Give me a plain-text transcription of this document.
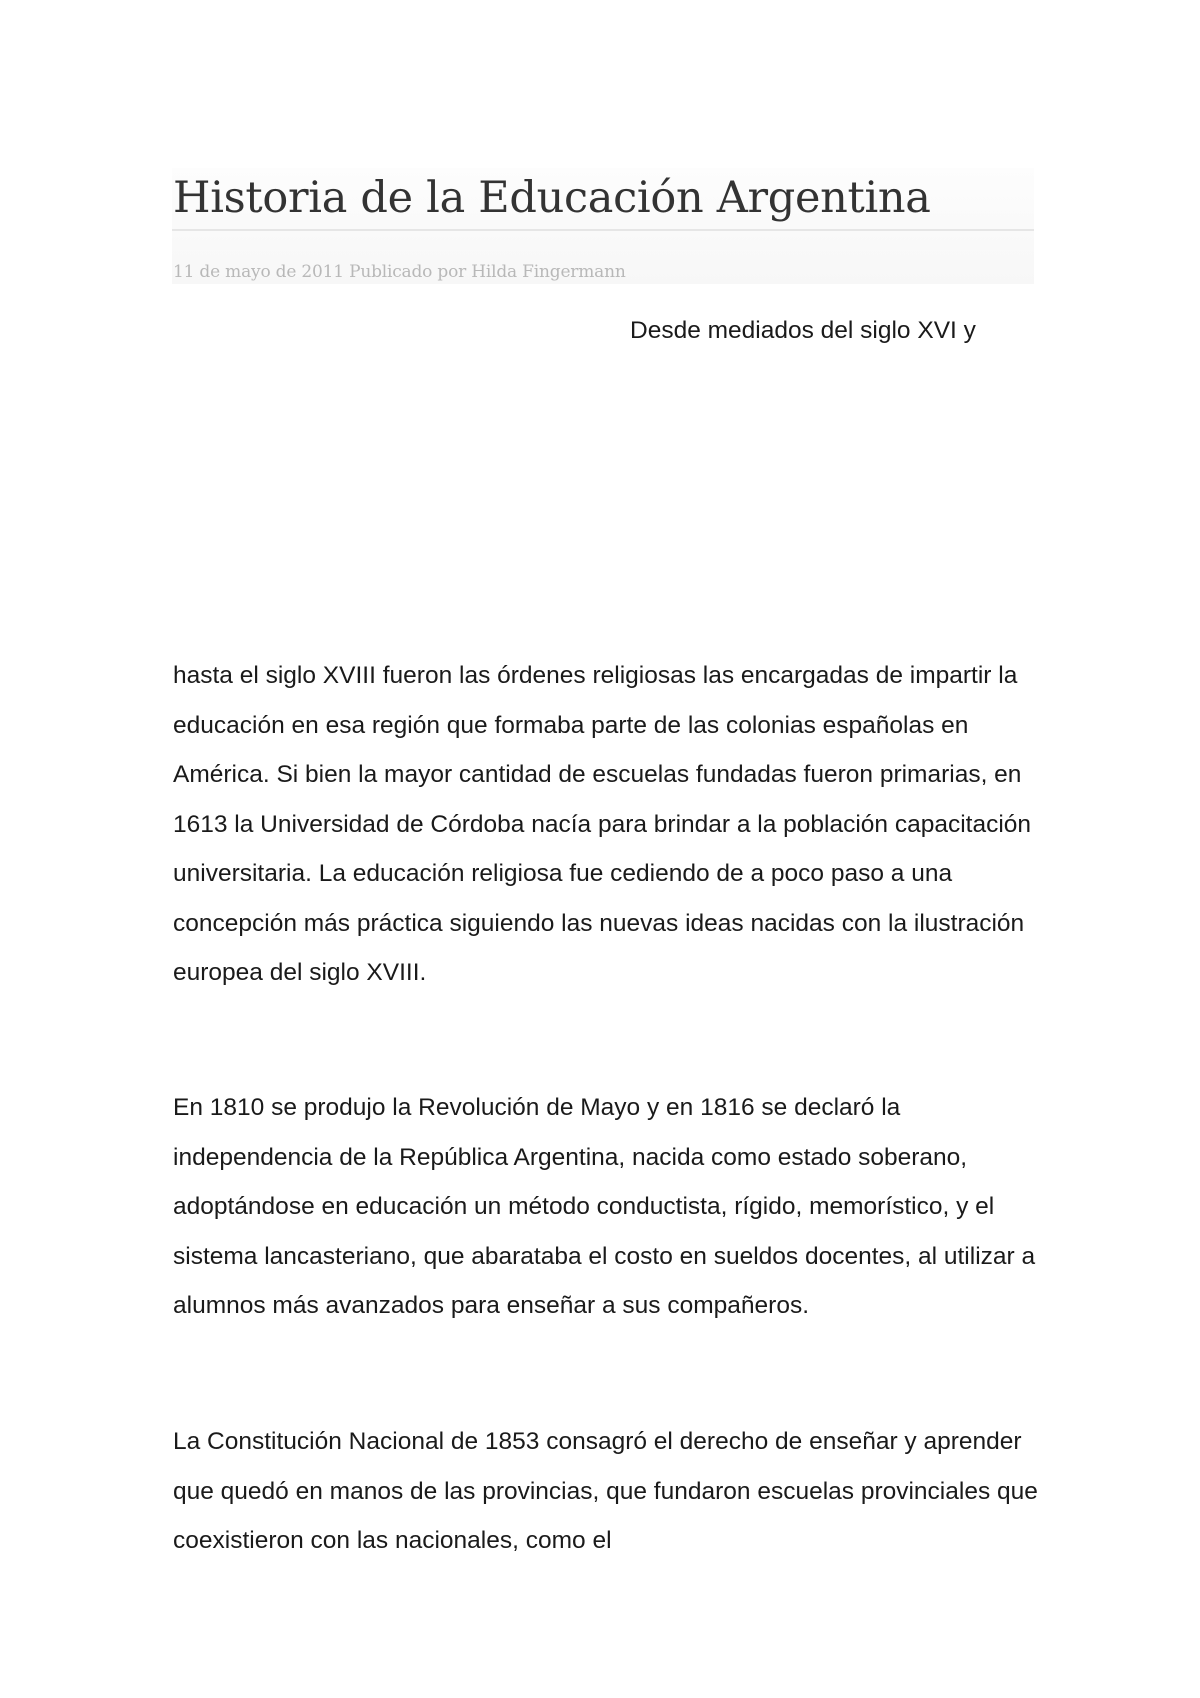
Historia de la Educación Argentina
11 de mayo de 2011 Publicado por Hilda Fingermann
Desde mediados del siglo XVI y

hasta el siglo XVIII fueron las órdenes religiosas las encargadas de impartir la educación en esa región que formaba parte de las colonias españolas en América. Si bien la mayor cantidad de escuelas fundadas fueron primarias, en 1613 la Universidad de Córdoba nacía para brindar a la población capacitación universitaria. La educación religiosa fue cediendo de a poco paso a una concepción más práctica siguiendo las nuevas ideas nacidas con la ilustración europea del siglo XVIII.

En 1810 se produjo la Revolución de Mayo y en 1816 se declaró la independencia de la República Argentina, nacida como estado soberano, adoptándose en educación un método conductista, rígido, memorístico, y el sistema lancasteriano, que abarataba el costo en sueldos docentes, al utilizar a alumnos más avanzados para enseñar a sus compañeros.

La Constitución Nacional de 1853 consagró el derecho de enseñar y aprender que quedó en manos de las provincias, que fundaron escuelas provinciales que coexistieron con las nacionales, como el
